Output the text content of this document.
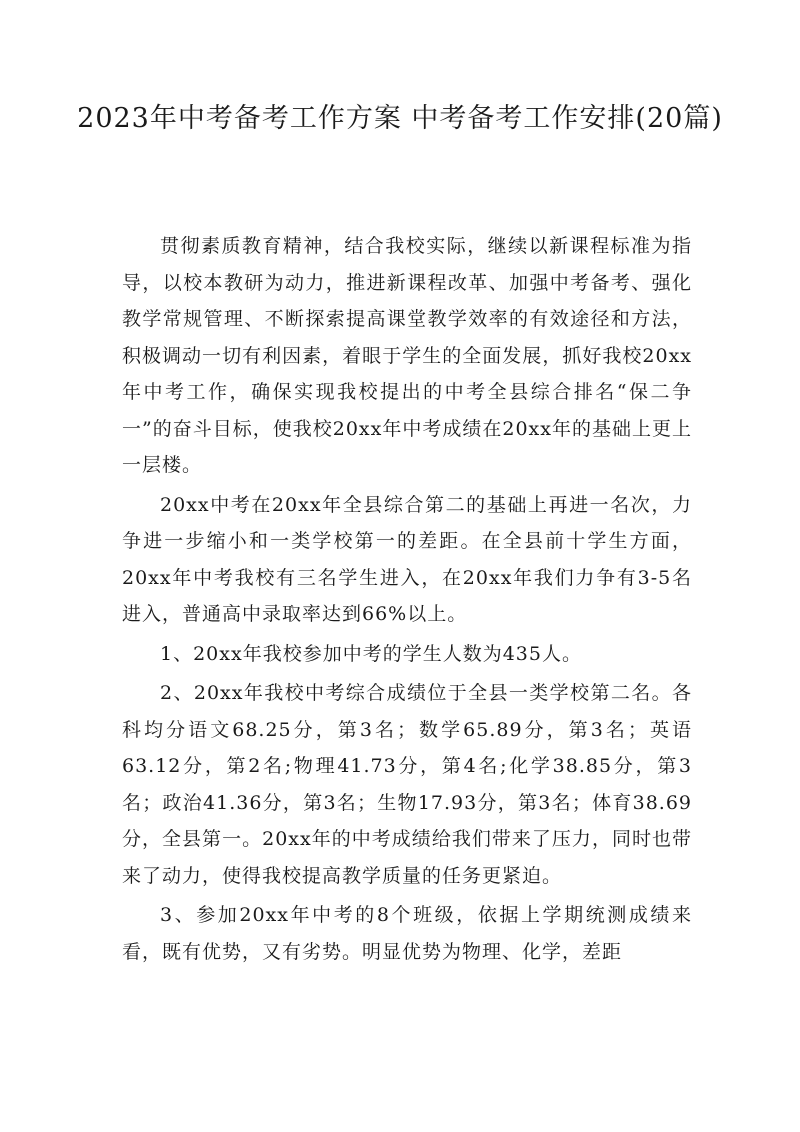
2023年中考备考工作方案 中考备考工作安排(20篇)

贯彻素质教育精神，结合我校实际，继续以新课程标准为指导，以校本教研为动力，推进新课程改革、加强中考备考、强化教学常规管理、不断探索提高课堂教学效率的有效途径和方法，积极调动一切有利因素，着眼于学生的全面发展，抓好我校20xx年中考工作，确保实现我校提出的中考全县综合排名“保二争一”的奋斗目标，使我校20xx年中考成绩在20xx年的基础上更上一层楼。

20xx中考在20xx年全县综合第二的基础上再进一名次，力争进一步缩小和一类学校第一的差距。在全县前十学生方面，20xx年中考我校有三名学生进入，在20xx年我们力争有3-5名进入，普通高中录取率达到66%以上。

1、20xx年我校参加中考的学生人数为435人。

2、20xx年我校中考综合成绩位于全县一类学校第二名。各科均分语文68.25分，第3名；数学65.89分，第3名；英语63.12分，第2名;物理41.73分，第4名;化学38.85分，第3名；政治41.36分，第3名；生物17.93分，第3名；体育38.69分，全县第一。20xx年的中考成绩给我们带来了压力，同时也带来了动力，使得我校提高教学质量的任务更紧迫。

3、参加20xx年中考的8个班级，依据上学期统测成绩来看，既有优势，又有劣势。明显优势为物理、化学，差距
